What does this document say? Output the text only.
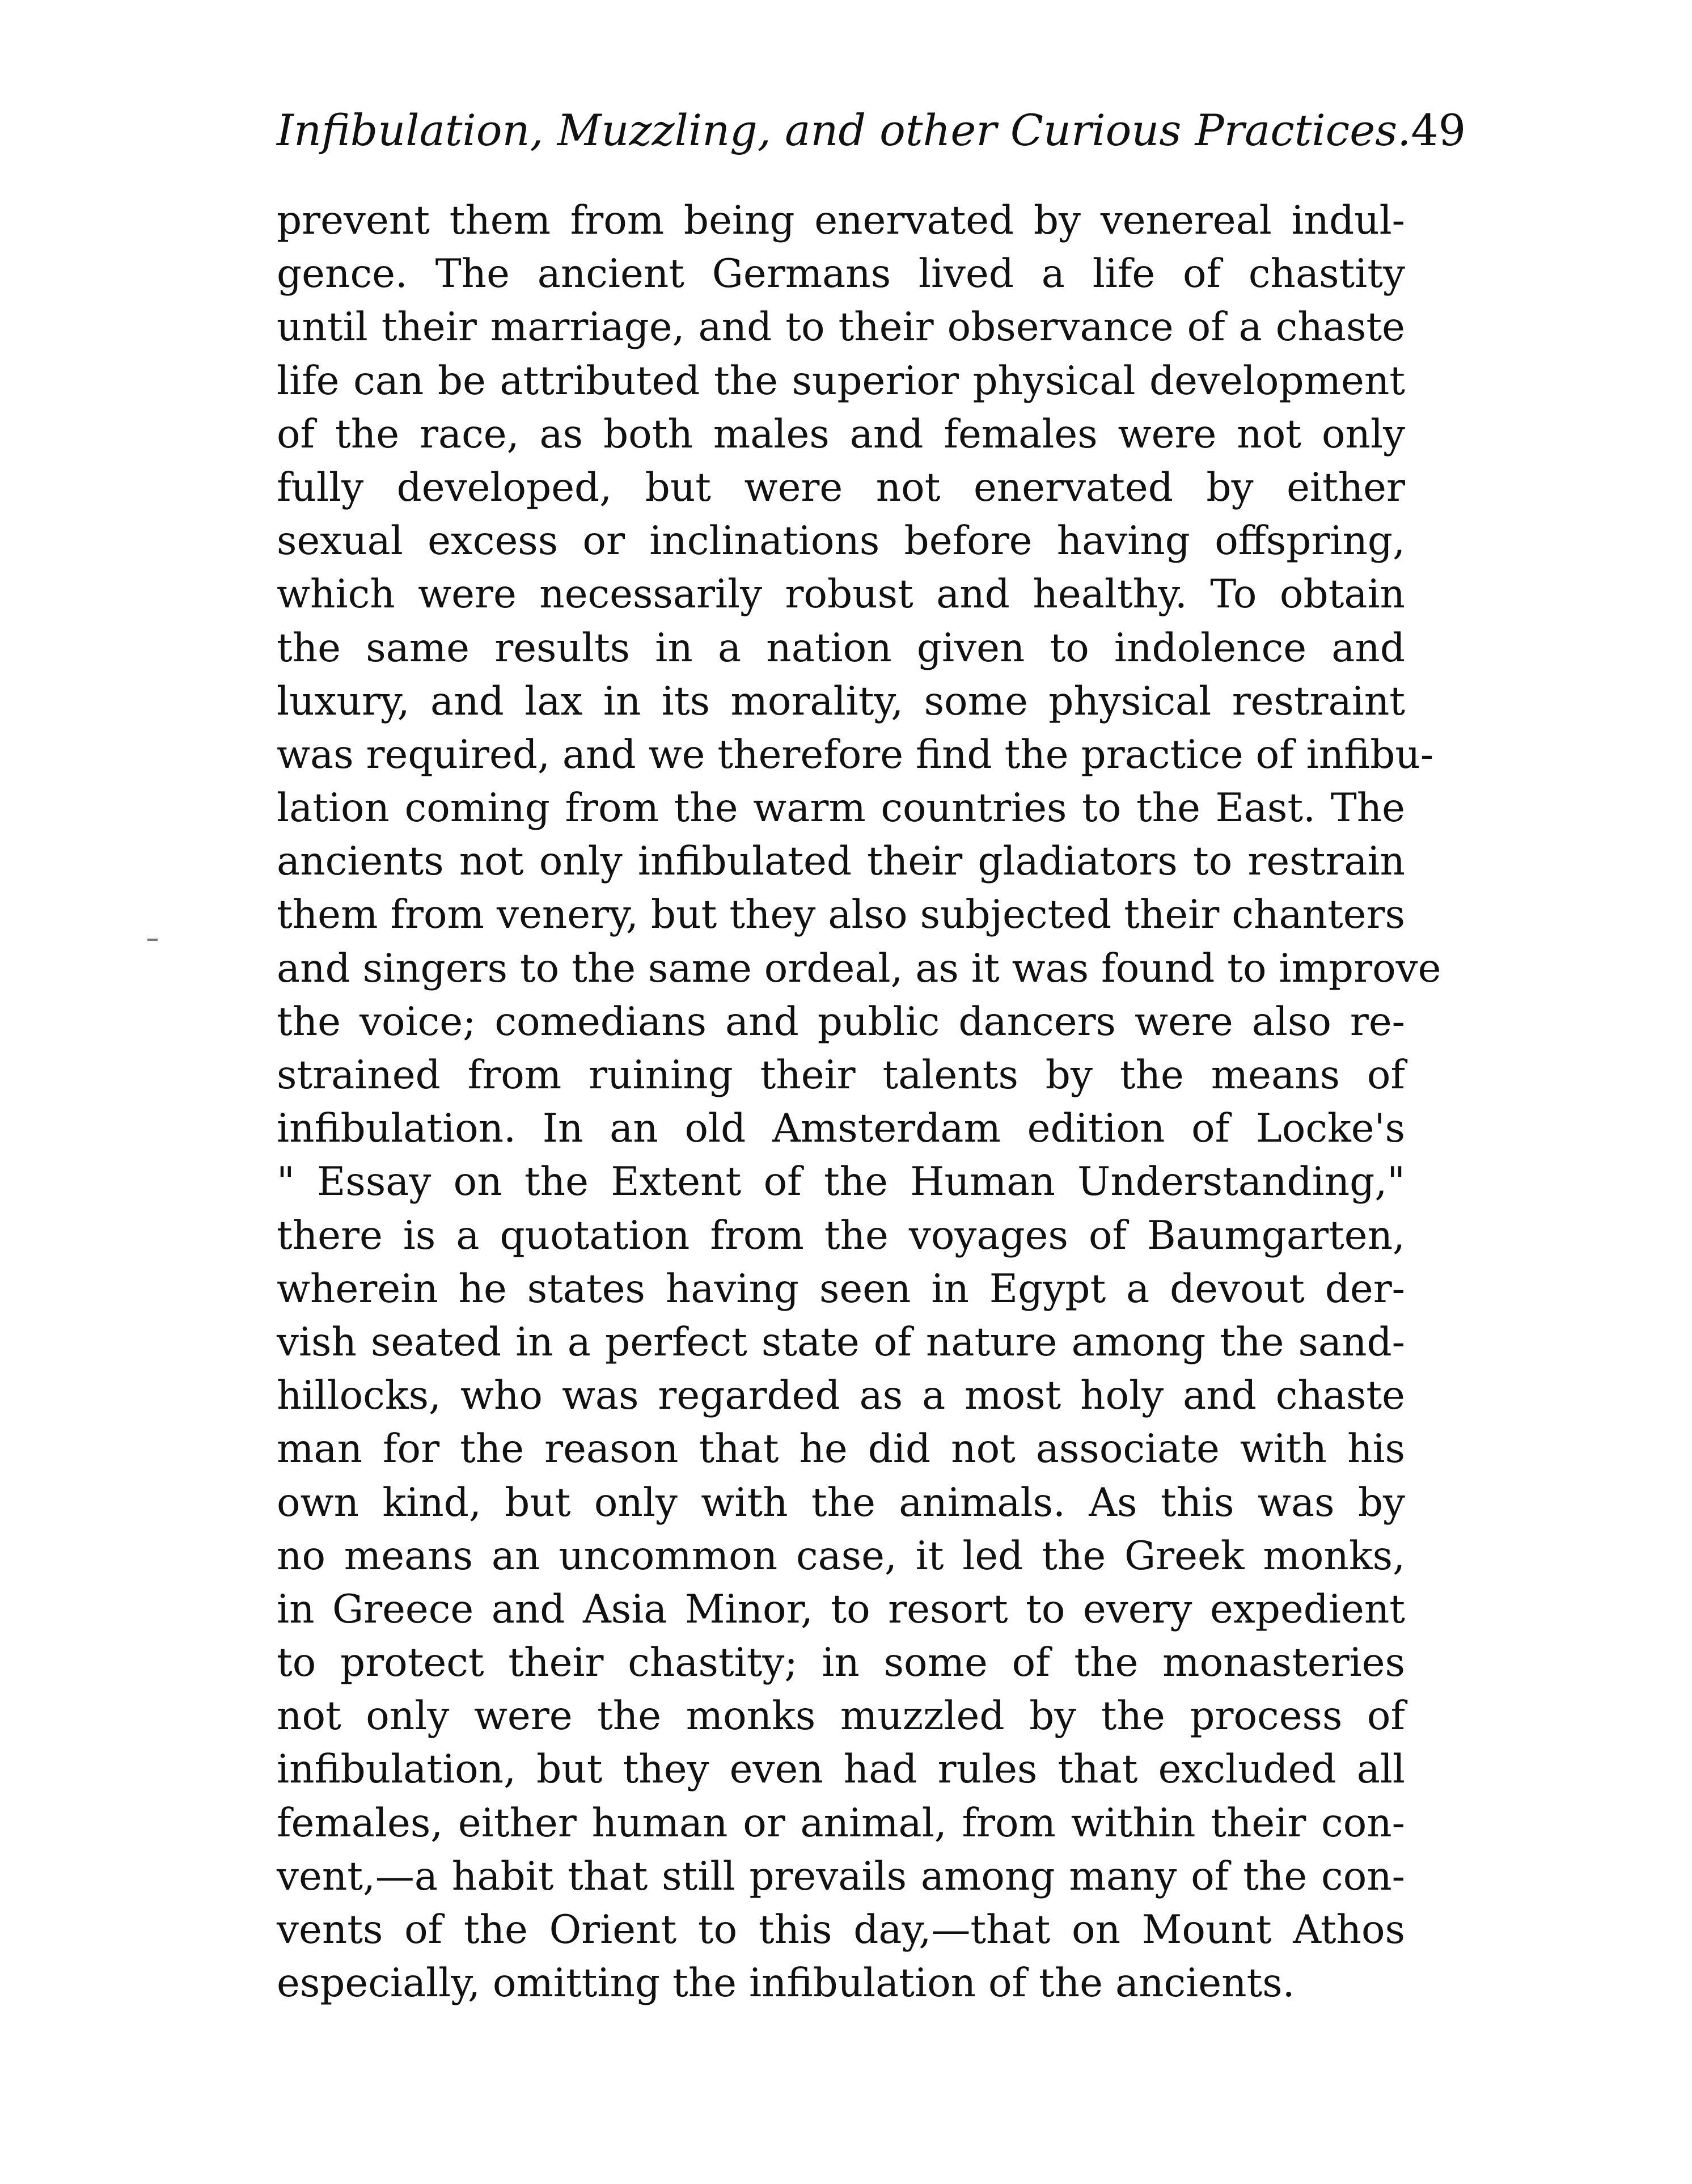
Infibulation, Muzzling, and other Curious Practices. 49
prevent them from being enervated by venereal indul-
gence. The ancient Germans lived a life of chastity
until their marriage, and to their observance of a chaste
life can be attributed the superior physical development
of the race, as both males and females were not only
fully developed, but were not enervated by either
sexual excess or inclinations before having offspring,
which were necessarily robust and healthy. To obtain
the same results in a nation given to indolence and
luxury, and lax in its morality, some physical restraint
was required, and we therefore find the practice of infibu-
lation coming from the warm countries to the East. The
ancients not only infibulated their gladiators to restrain
them from venery, but they also subjected their chanters
and singers to the same ordeal, as it was found to improve
the voice; comedians and public dancers were also re-
strained from ruining their talents by the means of
infibulation. In an old Amsterdam edition of Locke's
" Essay on the Extent of the Human Understanding,"
there is a quotation from the voyages of Baumgarten,
wherein he states having seen in Egypt a devout der-
vish seated in a perfect state of nature among the sand-
hillocks, who was regarded as a most holy and chaste
man for the reason that he did not associate with his
own kind, but only with the animals. As this was by
no means an uncommon case, it led the Greek monks,
in Greece and Asia Minor, to resort to every expedient
to protect their chastity; in some of the monasteries
not only were the monks muzzled by the process of
infibulation, but they even had rules that excluded all
females, either human or animal, from within their con-
vent,—a habit that still prevails among many of the con-
vents of the Orient to this day,—that on Mount Athos
especially, omitting the infibulation of the ancients.
